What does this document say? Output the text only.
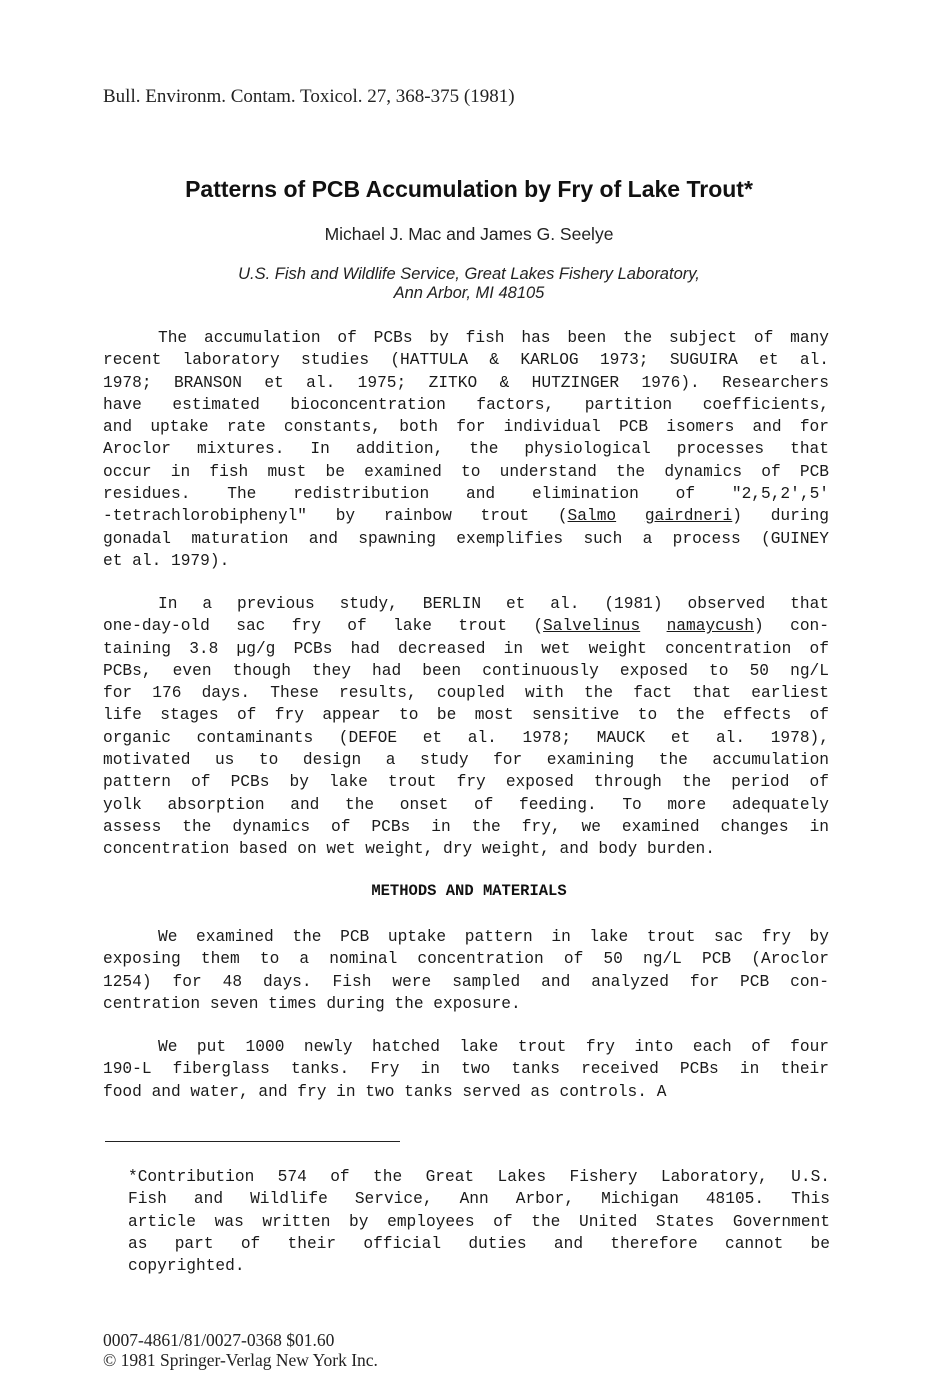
Bull. Environm. Contam. Toxicol. 27, 368-375 (1981)
Patterns of PCB Accumulation by Fry of Lake Trout*
Michael J. Mac and James G. Seelye
U.S. Fish and Wildlife Service, Great Lakes Fishery Laboratory,
Ann Arbor, MI 48105
The accumulation of PCBs by fish has been the subject of many
recent laboratory studies (HATTULA & KARLOG 1973; SUGUIRA et al.
1978; BRANSON et al. 1975; ZITKO & HUTZINGER 1976). Researchers
have estimated bioconcentration factors, partition coefficients,
and uptake rate constants, both for individual PCB isomers and for
Aroclor mixtures. In addition, the physiological processes that
occur in fish must be examined to understand the dynamics of PCB
residues. The redistribution and elimination of "2,5,2',5'
-tetrachlorobiphenyl" by rainbow trout (Salmo gairdneri) during
gonadal maturation and spawning exemplifies such a process (GUINEY
et al. 1979).
In a previous study, BERLIN et al. (1981) observed that
one-day-old sac fry of lake trout (Salvelinus namaycush) con-
taining 3.8 µg/g PCBs had decreased in wet weight concentration of
PCBs, even though they had been continuously exposed to 50 ng/L
for 176 days. These results, coupled with the fact that earliest
life stages of fry appear to be most sensitive to the effects of
organic contaminants (DEFOE et al. 1978; MAUCK et al. 1978),
motivated us to design a study for examining the accumulation
pattern of PCBs by lake trout fry exposed through the period of
yolk absorption and the onset of feeding. To more adequately
assess the dynamics of PCBs in the fry, we examined changes in
concentration based on wet weight, dry weight, and body burden.
METHODS AND MATERIALS
We examined the PCB uptake pattern in lake trout sac fry by
exposing them to a nominal concentration of 50 ng/L PCB (Aroclor
1254) for 48 days. Fish were sampled and analyzed for PCB con-
centration seven times during the exposure.
We put 1000 newly hatched lake trout fry into each of four
190-L fiberglass tanks. Fry in two tanks received PCBs in their
food and water, and fry in two tanks served as controls. A
*Contribution 574 of the Great Lakes Fishery Laboratory, U.S.
Fish and Wildlife Service, Ann Arbor, Michigan 48105. This
article was written by employees of the United States Government
as part of their official duties and therefore cannot be
copyrighted.
0007-4861/81/0027-0368 $01.60
© 1981 Springer-Verlag New York Inc.
